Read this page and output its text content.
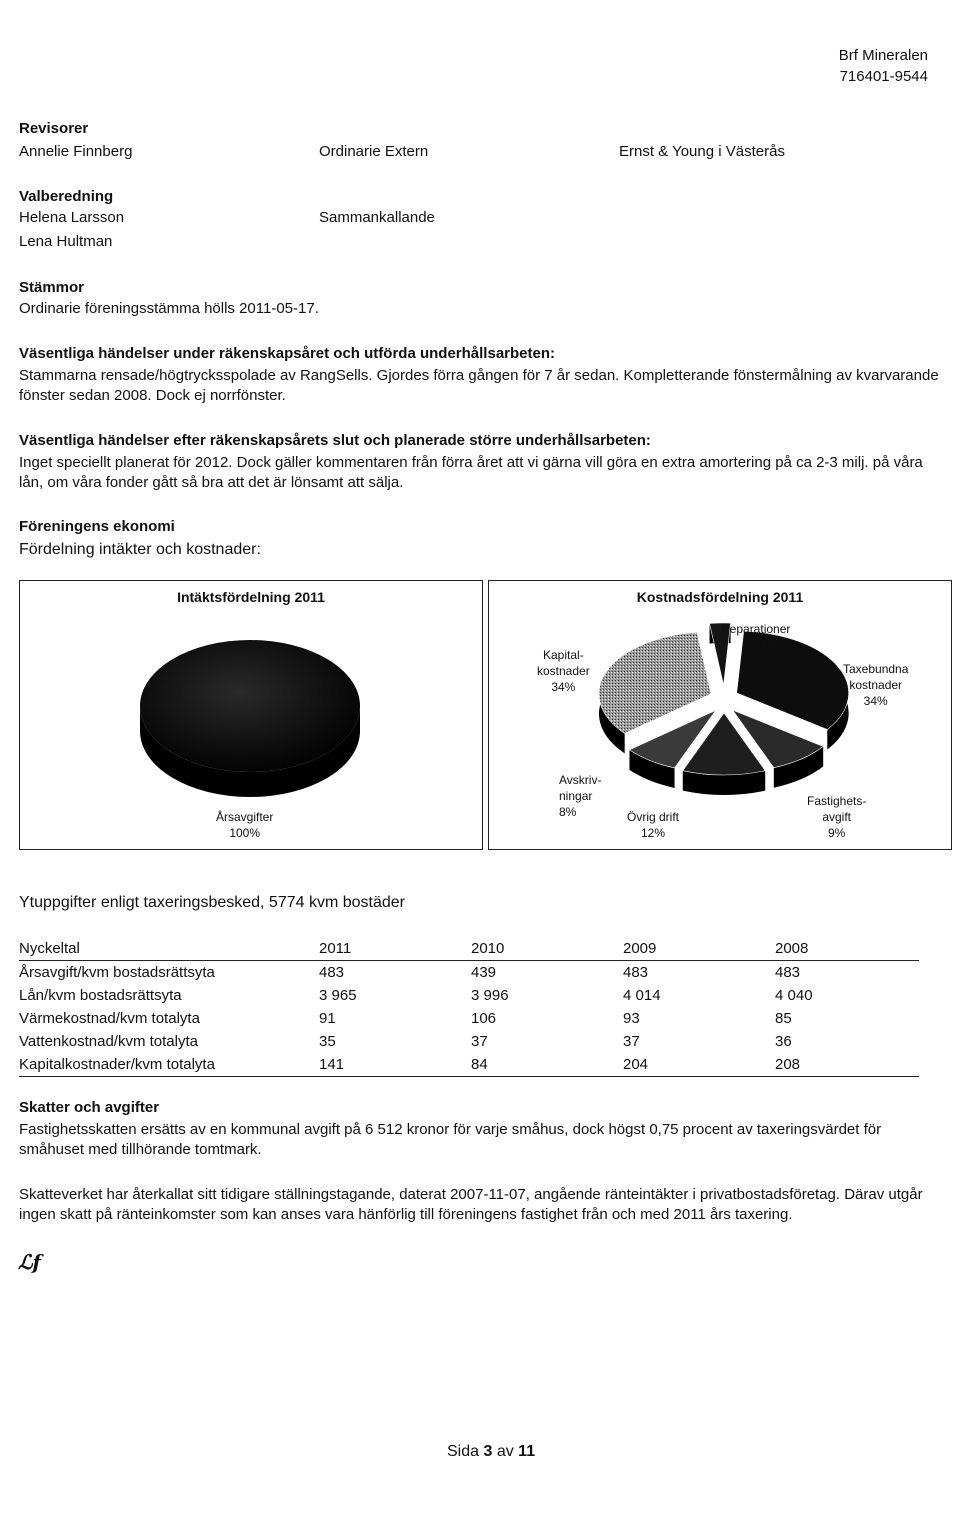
Brf Mineralen
716401-9544
Revisorer
Annelie Finnberg	Ordinarie Extern	Ernst & Young i Västerås
Valberedning
Helena Larsson	Sammankallande
Lena Hultman
Stämmor
Ordinarie föreningsstämma hölls 2011-05-17.
Väsentliga händelser under räkenskapsåret och utförda underhållsarbeten:
Stammarna rensade/högtrycksspolade av RangSells. Gjordes förra gången för 7 år sedan. Kompletterande fönstermålning av kvarvarande fönster sedan 2008. Dock ej norrfönster.
Väsentliga händelser efter räkenskapsårets slut och planerade större underhållsarbeten:
Inget speciellt planerat för 2012. Dock gäller kommentaren från förra året att vi gärna vill göra en extra amortering på ca 2-3 milj. på våra lån, om våra fonder gått så bra att det är lönsamt att sälja.
Föreningens ekonomi
Fördelning intäkter och kostnader:
Intäktsfördelning 2011
Årsavgifter
100%
Kostnadsfördelning 2011
Kapital-
kostnader
34%
Reparationer
3%
Taxebundna
kostnader
34%
Avskriv-
ningar
8%	Övrig drift
12%
Fastighets-
avgift
9%
Ytuppgifter enligt taxeringsbesked, 5774 kvm bostäder
Nyckeltal	2011	2010	2009	2008
Årsavgift/kvm bostadsrättsyta	483	439	483	483
Lån/kvm bostadsrättsyta	3 965	3 996	4 014	4 040
Värmekostnad/kvm totalyta	91	106	93	85
Vattenkostnad/kvm totalyta	35	37	37	36
Kapitalkostnader/kvm totalyta	141	84	204	208
Skatter och avgifter
Fastighetsskatten ersätts av en kommunal avgift på 6 512 kronor för varje småhus, dock högst 0,75 procent av taxeringsvärdet för småhuset med tillhörande tomtmark.
Skatteverket har återkallat sitt tidigare ställningstagande, daterat 2007-11-07, angående ränteintäkter i privatbostadsföretag. Därav utgår ingen skatt på ränteinkomster som kan anses vara hänförlig till föreningens fastighet från och med 2011 års taxering.
ℒf
Sida 3 av 11
